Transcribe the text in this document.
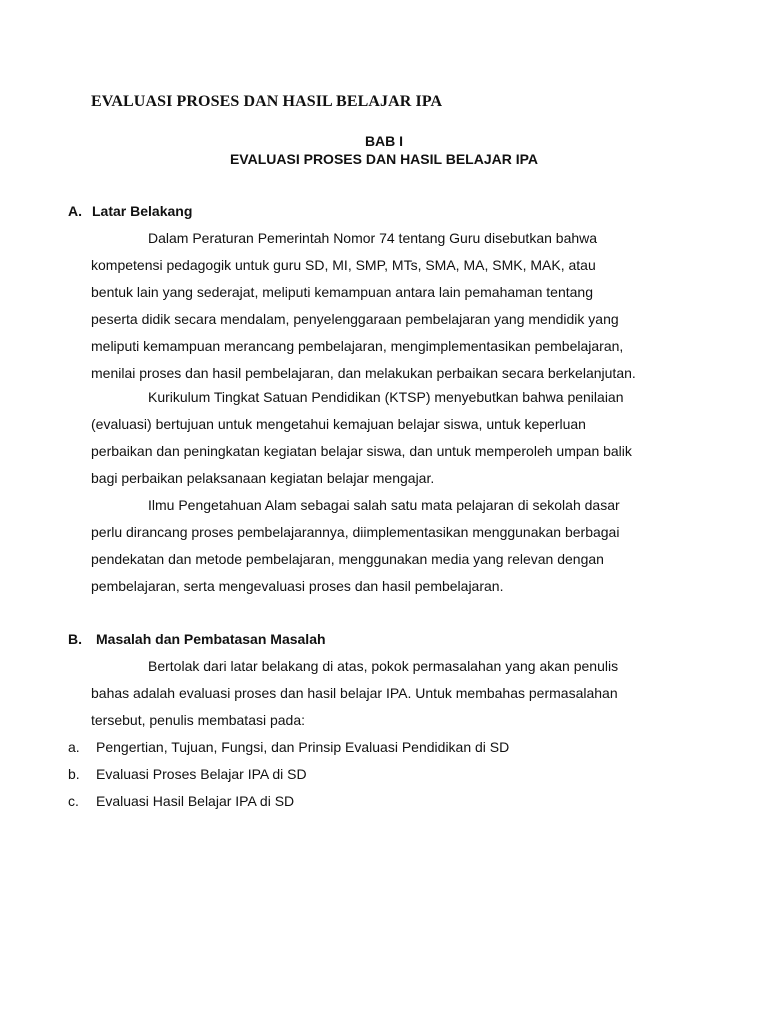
EVALUASI PROSES DAN HASIL BELAJAR IPA
BAB I
EVALUASI PROSES DAN HASIL BELAJAR IPA
A. Latar Belakang
Dalam Peraturan Pemerintah Nomor 74 tentang Guru disebutkan bahwa
kompetensi pedagogik untuk guru SD, MI, SMP, MTs, SMA, MA, SMK, MAK, atau
bentuk lain yang sederajat, meliputi kemampuan antara lain pemahaman tentang
peserta didik secara mendalam, penyelenggaraan pembelajaran yang mendidik yang
meliputi kemampuan merancang pembelajaran, mengimplementasikan pembelajaran,
menilai proses dan hasil pembelajaran, dan melakukan perbaikan secara berkelanjutan.
Kurikulum Tingkat Satuan Pendidikan (KTSP) menyebutkan bahwa penilaian
(evaluasi) bertujuan untuk mengetahui kemajuan belajar siswa, untuk keperluan
perbaikan dan peningkatan kegiatan belajar siswa, dan untuk memperoleh umpan balik
bagi perbaikan pelaksanaan kegiatan belajar mengajar.
Ilmu Pengetahuan Alam sebagai salah satu mata pelajaran di sekolah dasar
perlu dirancang proses pembelajarannya, diimplementasikan menggunakan berbagai
pendekatan dan metode pembelajaran, menggunakan media yang relevan dengan
pembelajaran, serta mengevaluasi proses dan hasil pembelajaran.
B. Masalah dan Pembatasan Masalah
Bertolak dari latar belakang di atas, pokok permasalahan yang akan penulis
bahas adalah evaluasi proses dan hasil belajar IPA. Untuk membahas permasalahan
tersebut, penulis membatasi pada:
a. Pengertian, Tujuan, Fungsi, dan Prinsip Evaluasi Pendidikan di SD
b. Evaluasi Proses Belajar IPA di SD
c. Evaluasi Hasil Belajar IPA di SD
